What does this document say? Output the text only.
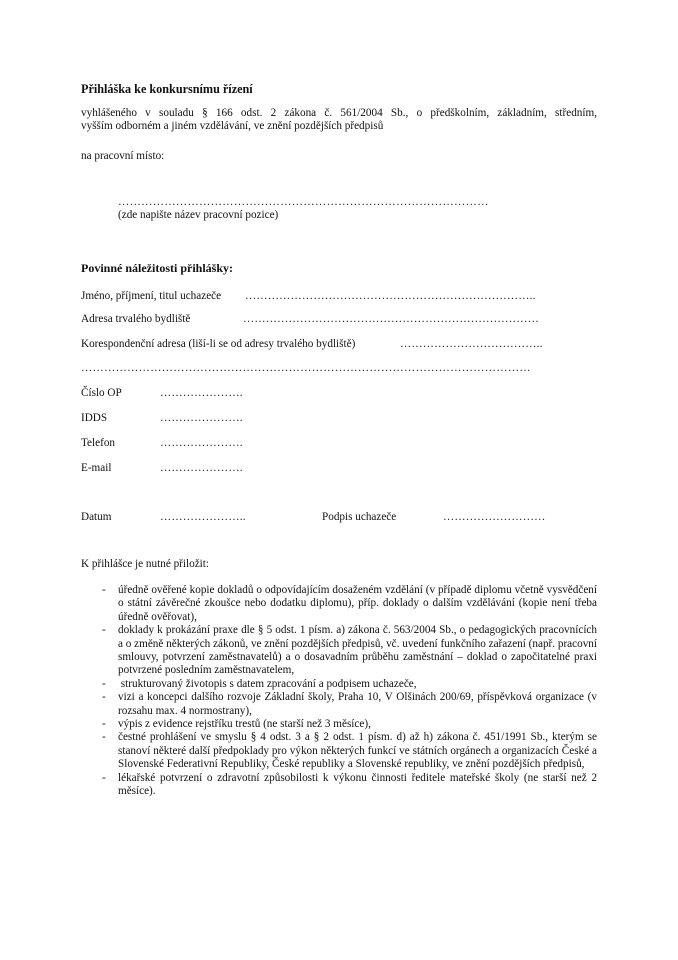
Přihláška ke konkursnímu řízení
vyhlášeného v souladu § 166 odst. 2 zákona č. 561/2004 Sb., o předškolním, základním, středním,
vyšším odborném a jiném vzdělávání, ve znění pozdějších předpisů
na pracovní místo:
……………………………………………………………………………………
(zde napište název pracovní pozice)
Povinné náležitosti přihlášky:
Jméno, příjmení, titul uchazeče …………………………………………………………………..
Adresa trvalého bydliště	……………………………………………………………………
Korespondenční adresa (liší-li se od adresy trvalého bydliště)	………………………………..
………………………………………………………………………………………………………
Číslo OP	………………….
IDDS	………………….
Telefon	………………….
E-mail	………………….
Datum	…………………..	Podpis uchazeče	………………………
K přihlášce je nutné přiložit:
- úředně ověřené kopie dokladů o odpovídajícím dosaženém vzdělání (v případě diplomu včetně vysvědčení o státní závěrečné zkoušce nebo dodatku diplomu), příp. doklady o dalším vzdělávání (kopie není třeba úředně ověřovat),
- doklady k prokázání praxe dle § 5 odst. 1 písm. a) zákona č. 563/2004 Sb., o pedagogických pracovnících a o změně některých zákonů, ve znění pozdějších předpisů, vč. uvedení funkčního zařazení (např. pracovní smlouvy, potvrzení zaměstnavatelů) a o dosavadním průběhu zaměstnání – doklad o započitatelné praxi potvrzené posledním zaměstnavatelem,
- strukturovaný životopis s datem zpracování a podpisem uchazeče,
- vizi a koncepci dalšího rozvoje Základní školy, Praha 10, V Olšinách 200/69, příspěvková organizace (v rozsahu max. 4 normostrany),
- výpis z evidence rejstříku trestů (ne starší než 3 měsíce),
- čestné prohlášení ve smyslu § 4 odst. 3 a § 2 odst. 1 písm. d) až h) zákona č. 451/1991 Sb., kterým se stanoví některé další předpoklady pro výkon některých funkcí ve státních orgánech a organizacích České a Slovenské Federativní Republiky, České republiky a Slovenské republiky, ve znění pozdějších předpisů,
- lékařské potvrzení o zdravotní způsobilosti k výkonu činnosti ředitele mateřské školy (ne starší než 2 měsíce).
